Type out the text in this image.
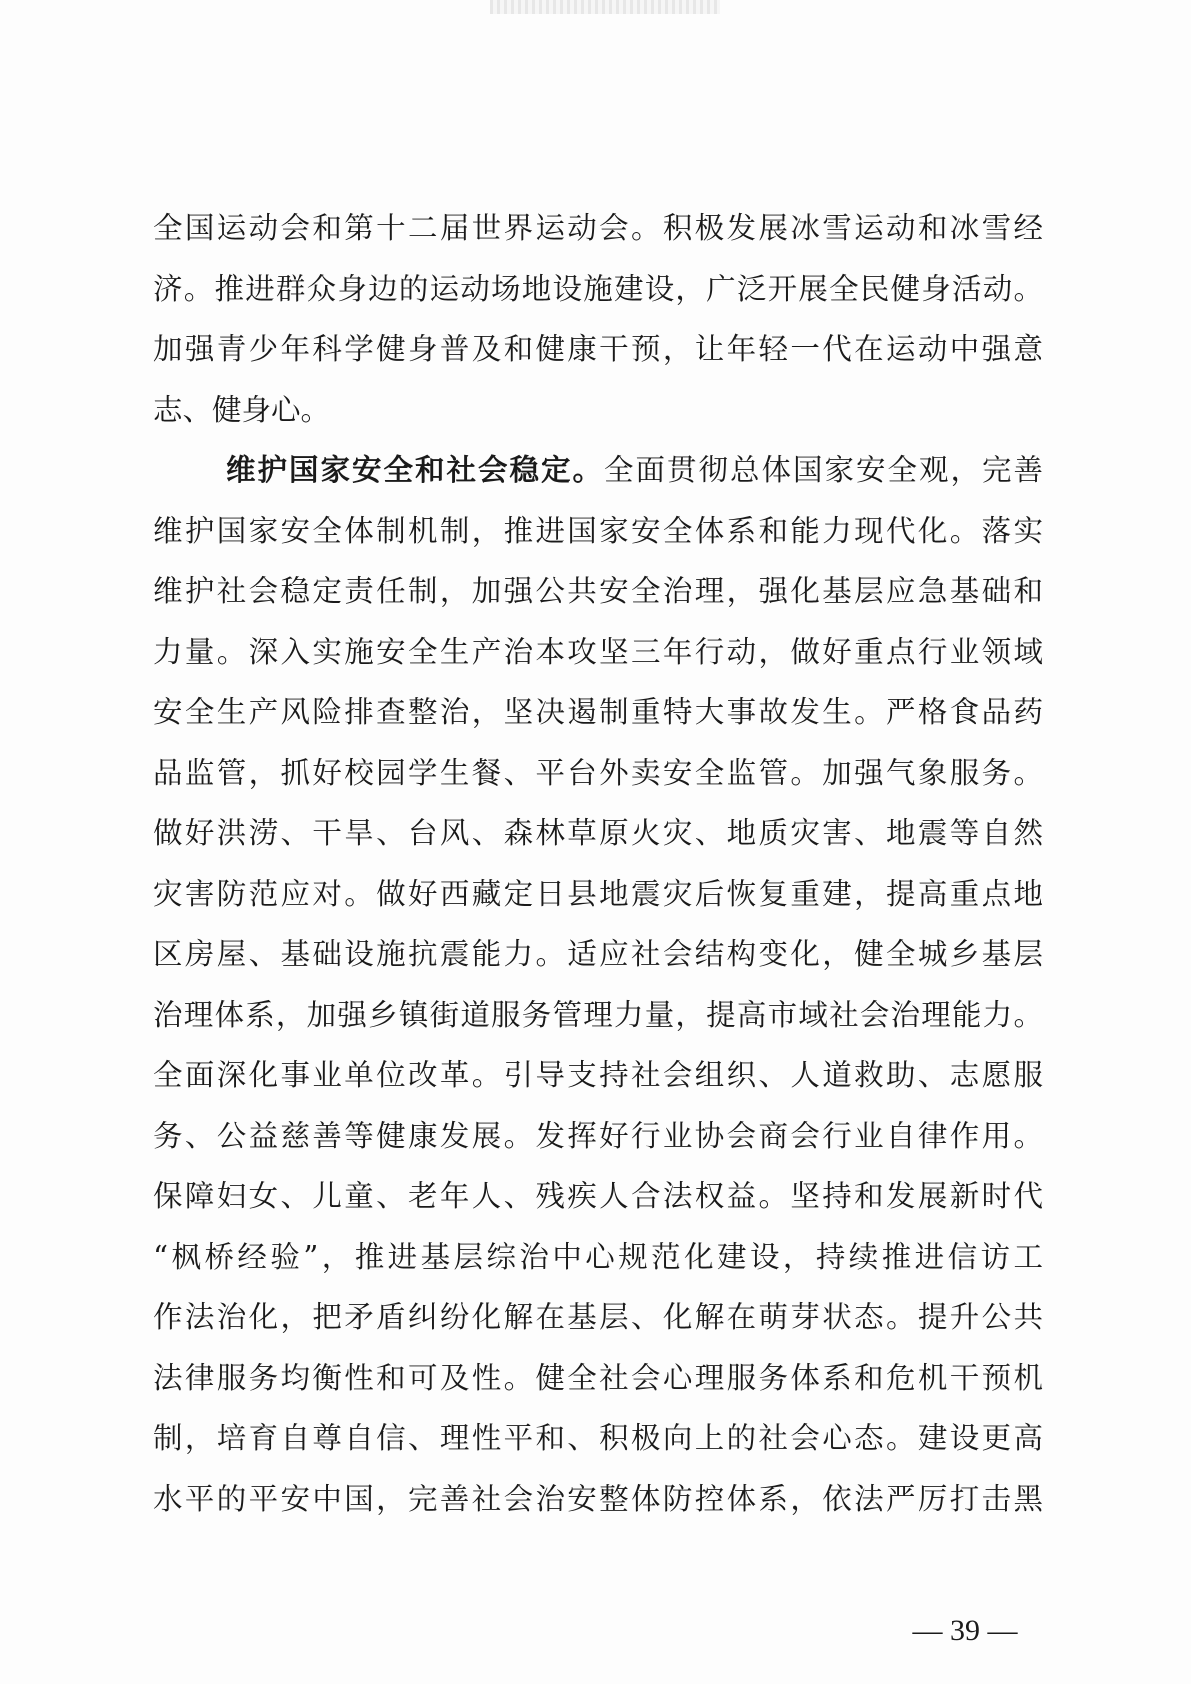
全国运动会和第十二届世界运动会。积极发展冰雪运动和冰雪经
济。推进群众身边的运动场地设施建设，广泛开展全民健身活动。
加强青少年科学健身普及和健康干预，让年轻一代在运动中强意
志、健身心。
维护国家安全和社会稳定。全面贯彻总体国家安全观，完善
维护国家安全体制机制，推进国家安全体系和能力现代化。落实
维护社会稳定责任制，加强公共安全治理，强化基层应急基础和
力量。深入实施安全生产治本攻坚三年行动，做好重点行业领域
安全生产风险排查整治，坚决遏制重特大事故发生。严格食品药
品监管，抓好校园学生餐、平台外卖安全监管。加强气象服务。
做好洪涝、干旱、台风、森林草原火灾、地质灾害、地震等自然
灾害防范应对。做好西藏定日县地震灾后恢复重建，提高重点地
区房屋、基础设施抗震能力。适应社会结构变化，健全城乡基层
治理体系，加强乡镇街道服务管理力量，提高市域社会治理能力。
全面深化事业单位改革。引导支持社会组织、人道救助、志愿服
务、公益慈善等健康发展。发挥好行业协会商会行业自律作用。
保障妇女、儿童、老年人、残疾人合法权益。坚持和发展新时代
“枫桥经验”，推进基层综治中心规范化建设，持续推进信访工
作法治化，把矛盾纠纷化解在基层、化解在萌芽状态。提升公共
法律服务均衡性和可及性。健全社会心理服务体系和危机干预机
制，培育自尊自信、理性平和、积极向上的社会心态。建设更高
水平的平安中国，完善社会治安整体防控体系，依法严厉打击黑
— 39 —
